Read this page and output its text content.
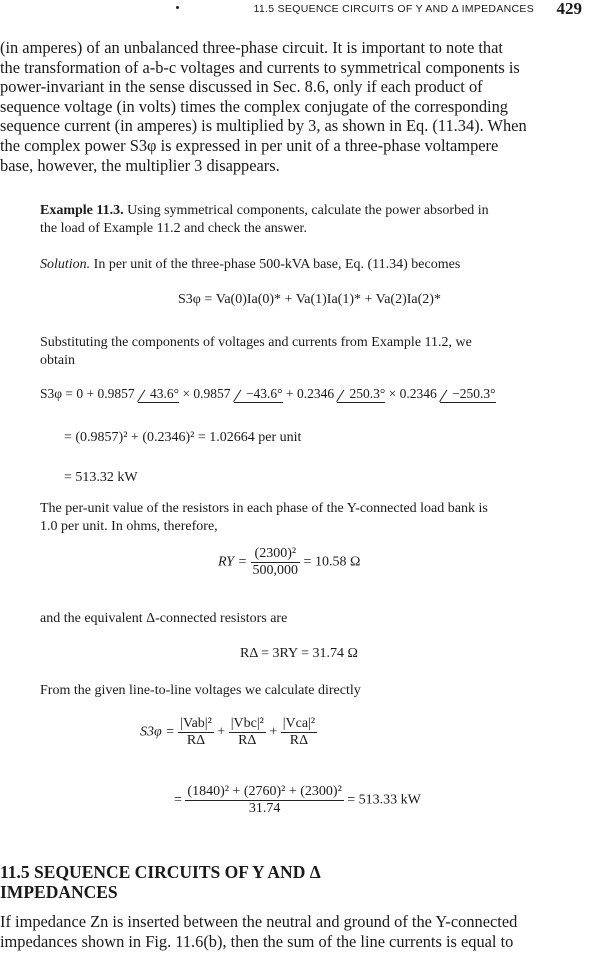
11.5 SEQUENCE CIRCUITS OF Y AND Δ IMPEDANCES 429
(in amperes) of an unbalanced three-phase circuit. It is important to note that
the transformation of a-b-c voltages and currents to symmetrical components is
power-invariant in the sense discussed in Sec. 8.6, only if each product of
sequence voltage (in volts) times the complex conjugate of the corresponding
sequence current (in amperes) is multiplied by 3, as shown in Eq. (11.34). When
the complex power S3φ is expressed in per unit of a three-phase voltampere
base, however, the multiplier 3 disappears.
Example 11.3. Using symmetrical components, calculate the power absorbed in
the load of Example 11.2 and check the answer.
Solution. In per unit of the three-phase 500-kVA base, Eq. (11.34) becomes
S3φ = Va(0)Ia(0)* + Va(1)Ia(1)* + Va(2)Ia(2)*
Substituting the components of voltages and currents from Example 11.2, we
obtain
S3φ = 0 + 0.9857 43.6° × 0.9857 −43.6° + 0.2346 250.3° × 0.2346 −250.3°
= (0.9857)² + (0.2346)² = 1.02664 per unit
= 513.32 kW
The per-unit value of the resistors in each phase of the Y-connected load bank is
1.0 per unit. In ohms, therefore,
RY = $\frac{\text{(2300)²}}{500,000} = 10.58$ Ω
and the equivalent Δ-connected resistors are
RΔ = 3RY = 31.74 Ω
From the given line-to-line voltages we calculate directly
$S3\varphi = \frac{\text{|Vab|²}}{R\Delta} + \frac{\text{|Vbc|²}}{R\Delta} + \frac{\text{|Vca|²}}{R\Delta}$
= $\frac{\text{(1840)² + (2760)² + (2300)²}}{31.74} = 513.33$ kW
11.5 SEQUENCE CIRCUITS OF Y AND Δ
IMPEDANCES
If impedance Zn is inserted between the neutral and ground of the Y-connected
impedances shown in Fig. 11.6(b), then the sum of the line currents is equal to
